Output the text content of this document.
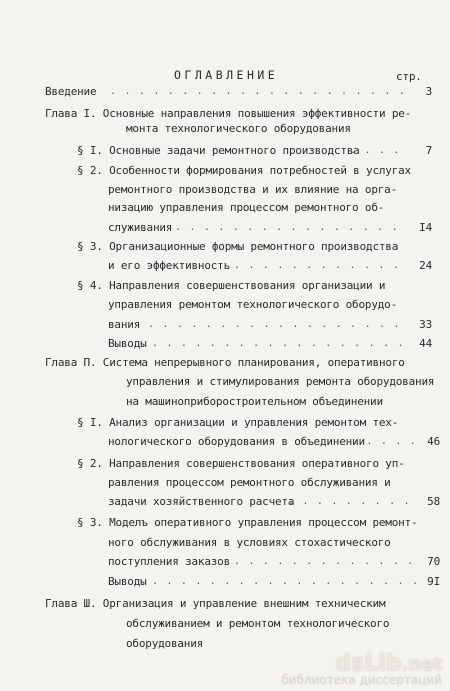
ОГЛАВЛЕНИЕ	стр.
Введение . . .	3
Глава I. Основные направления повышения эффективности ре-
монта технологического оборудования
§ I. Основные задачи ремонтного производства . . .	7
§ 2. Особенности формирования потребностей в услугах
ремонтного производства и их влияние на орга-
низацию управления процессом ремонтного об-
служивания . . .	I4
§ 3. Организационные формы ремонтного производства
и его эффективность . . .	24
§ 4. Направления совершенствования организации и
управления ремонтом технологического оборудо-
вания . . .	33
Выводы . . .	44
Глава П. Система непрерывного планирования, оперативного
управления и стимулирования ремонта оборудования
на машиноприборостроительном объединении
§ I. Анализ организации и управления ремонтом тех-
нологического оборудования в объединении . . .	46
§ 2. Направления совершенствования оперативного уп-
равления процессом ремонтного обслуживания и
задачи хозяйственного расчета . . .	58
§ 3. Моделъ оперативного управления процессом ремонт-
ного обслуживания в условиях стохастического
поступления заказов . . .	70
Выводы . . .	9I
Глава Ш. Организация и управление внешним техническим
обслуживанием и ремонтом технологического
оборудования
dsLib.net
библиотека диссертаций
